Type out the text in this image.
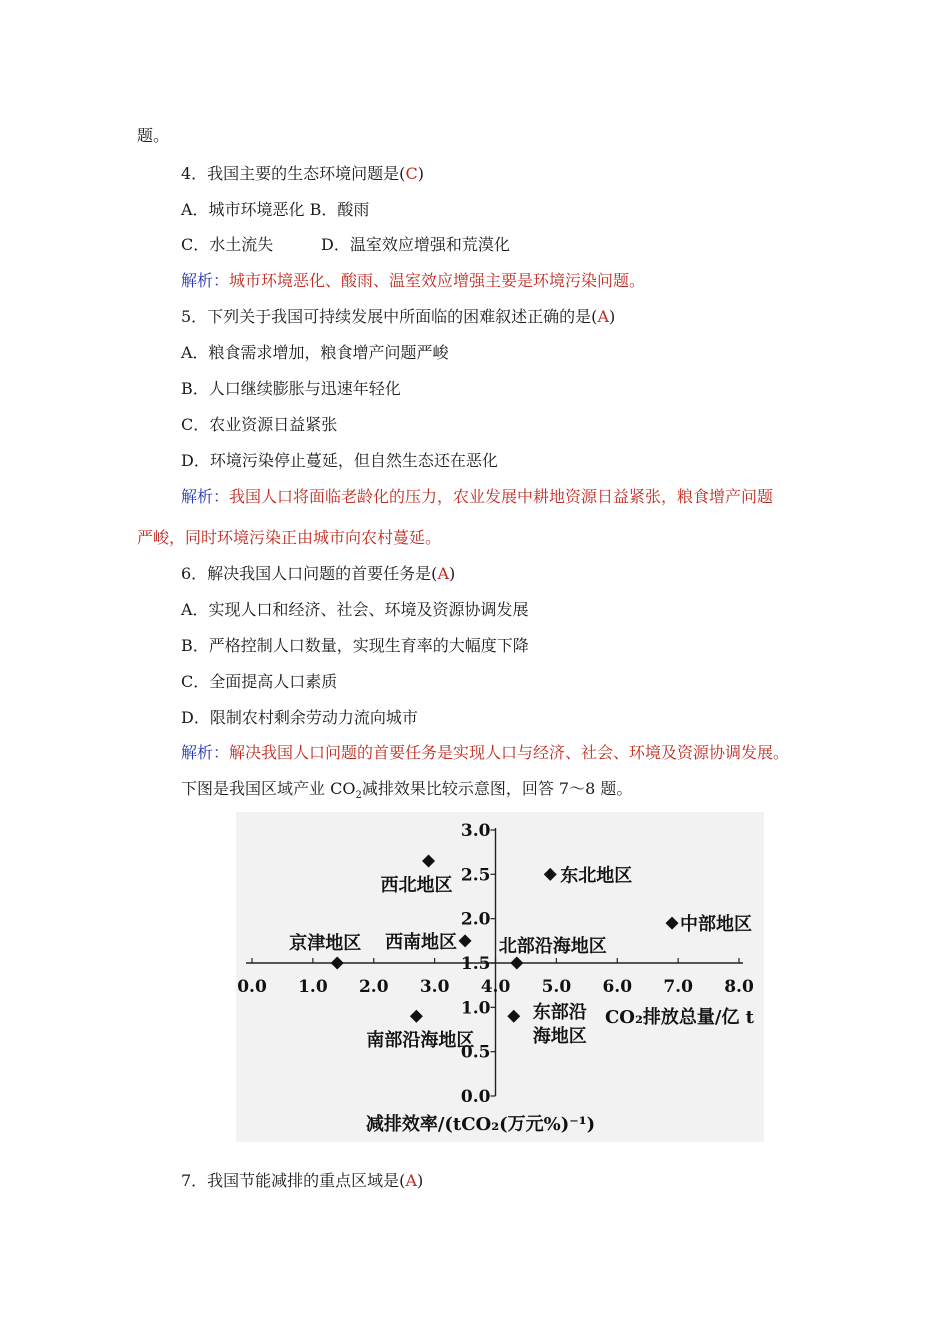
题。
4．我国主要的生态环境问题是(C)
A．城市环境恶化 B．酸雨
C．水土流失	D．温室效应增强和荒漠化
解析：城市环境恶化、酸雨、温室效应增强主要是环境污染问题。
5．下列关于我国可持续发展中所面临的困难叙述正确的是(A)
A．粮食需求增加，粮食增产问题严峻
B．人口继续膨胀与迅速年轻化
C．农业资源日益紧张
D．环境污染停止蔓延，但自然生态还在恶化
解析：我国人口将面临老龄化的压力，农业发展中耕地资源日益紧张，粮食增产问题
严峻，同时环境污染正由城市向农村蔓延。
6．解决我国人口问题的首要任务是(A)
A．实现人口和经济、社会、环境及资源协调发展
B．严格控制人口数量，实现生育率的大幅度下降
C．全面提高人口素质
D．限制农村剩余劳动力流向城市
解析：解决我国人口问题的首要任务是实现人口与经济、社会、环境及资源协调发展。
下图是我国区域产业 $CO_2$减排效果比较示意图，回答 7～8 题。
0.0 1.0 2.0 3.0 4.0 5.0 6.0 7.0 8.0
0.0
0.5
1.0
1.5
2.0
2.5
3.0
CO₂排放总量/亿 t
减排效率/(tCO₂(万元%)⁻¹)
西北地区	东北地区
中部地区
西南地区
京津地区	北部沿海地区
南部沿海地区
东部沿
海地区
7．我国节能减排的重点区域是(A)
